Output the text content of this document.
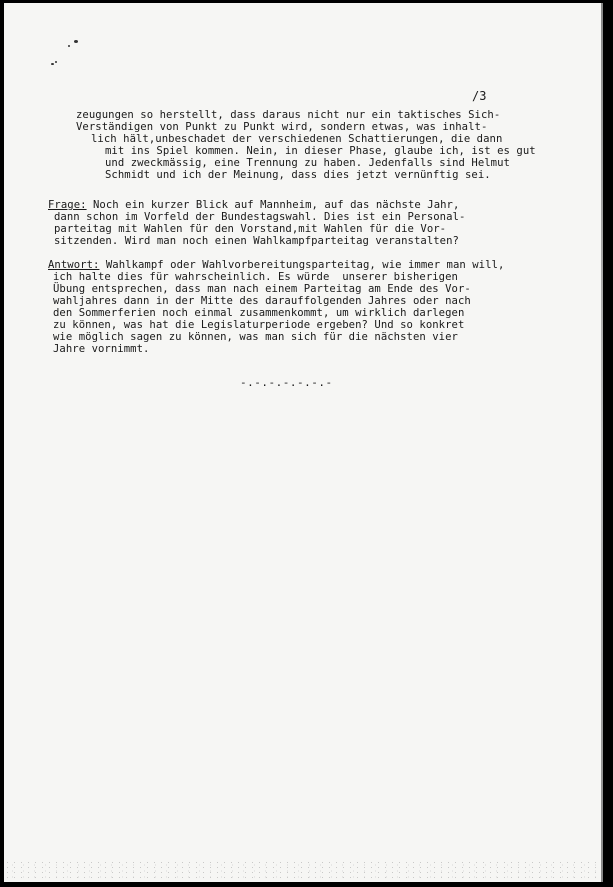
/3
zeugungen so herstellt, dass daraus nicht nur ein taktisches Sich-
Verständigen von Punkt zu Punkt wird, sondern etwas, was inhalt-
lich hält,unbeschadet der verschiedenen Schattierungen, die dann
mit ins Spiel kommen. Nein, in dieser Phase, glaube ich, ist es gut
und zweckmässig, eine Trennung zu haben. Jedenfalls sind Helmut
Schmidt und ich der Meinung, dass dies jetzt vernünftig sei.
Frage: Noch ein kurzer Blick auf Mannheim, auf das nächste Jahr,
dann schon im Vorfeld der Bundestagswahl. Dies ist ein Personal-
parteitag mit Wahlen für den Vorstand,mit Wahlen für die Vor-
sitzenden. Wird man noch einen Wahlkampfparteitag veranstalten?
Antwort: Wahlkampf oder Wahlvorbereitungsparteitag, wie immer man will,
ich halte dies für wahrscheinlich. Es würde  unserer bisherigen
Übung entsprechen, dass man nach einem Parteitag am Ende des Vor-
wahljahres dann in der Mitte des darauffolgenden Jahres oder nach
den Sommerferien noch einmal zusammenkommt, um wirklich darlegen
zu können, was hat die Legislaturperiode ergeben? Und so konkret
wie möglich sagen zu können, was man sich für die nächsten vier
Jahre vornimmt.
-.-.-.-.-.-.-
